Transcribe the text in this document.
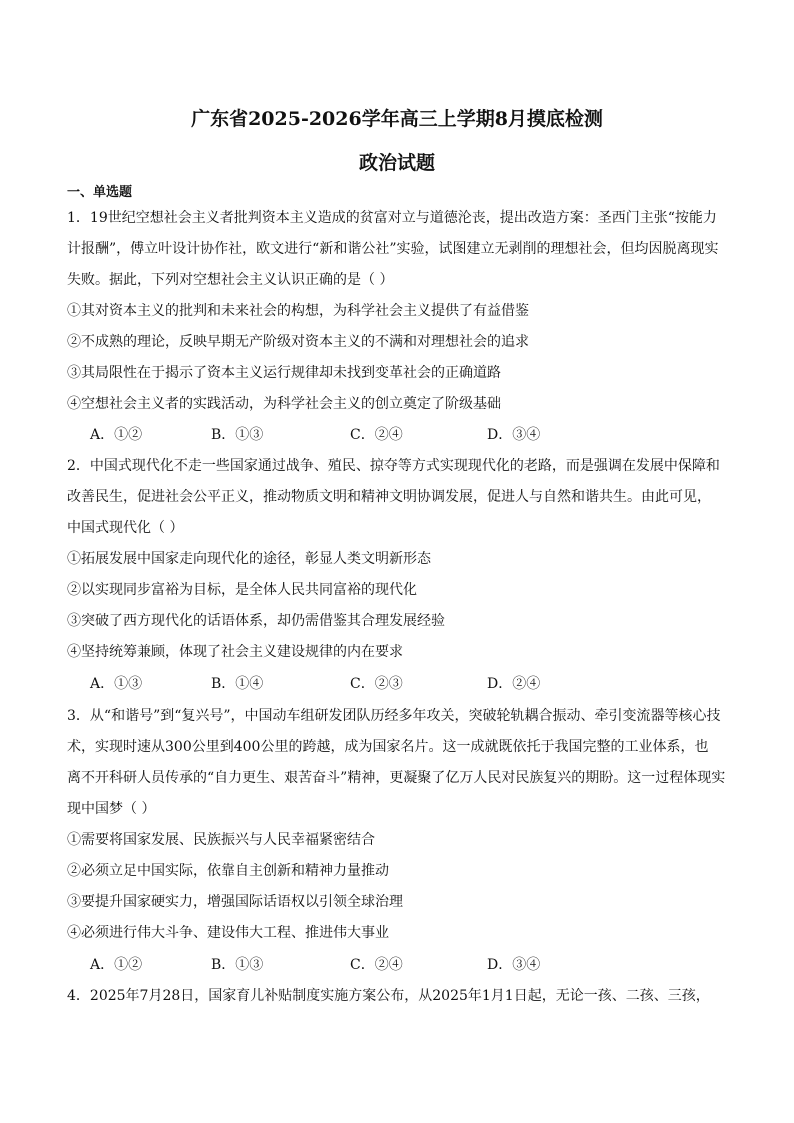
广东省2025-2026学年高三上学期8月摸底检测
政治试题
一、单选题
1．19世纪空想社会主义者批判资本主义造成的贫富对立与道德沦丧，提出改造方案：圣西门主张“按能力
计报酬”，傅立叶设计协作社，欧文进行“新和谐公社”实验，试图建立无剥削的理想社会，但均因脱离现实
失败。据此，下列对空想社会主义认识正确的是（ ）
①其对资本主义的批判和未来社会的构想，为科学社会主义提供了有益借鉴
②不成熟的理论，反映早期无产阶级对资本主义的不满和对理想社会的追求
③其局限性在于揭示了资本主义运行规律却未找到变革社会的正确道路
④空想社会主义者的实践活动，为科学社会主义的创立奠定了阶级基础
A．①②	B．①③	C．②④	D．③④
2．中国式现代化不走一些国家通过战争、殖民、掠夺等方式实现现代化的老路，而是强调在发展中保障和
改善民生，促进社会公平正义，推动物质文明和精神文明协调发展，促进人与自然和谐共生。由此可见，
中国式现代化（ ）
①拓展发展中国家走向现代化的途径，彰显人类文明新形态
②以实现同步富裕为目标，是全体人民共同富裕的现代化
③突破了西方现代化的话语体系，却仍需借鉴其合理发展经验
④坚持统筹兼顾，体现了社会主义建设规律的内在要求
A．①③	B．①④	C．②③	D．②④
3．从“和谐号”到“复兴号”，中国动车组研发团队历经多年攻关，突破轮轨耦合振动、牵引变流器等核心技
术，实现时速从300公里到400公里的跨越，成为国家名片。这一成就既依托于我国完整的工业体系，也
离不开科研人员传承的“自力更生、艰苦奋斗”精神，更凝聚了亿万人民对民族复兴的期盼。这一过程体现实
现中国梦（ ）
①需要将国家发展、民族振兴与人民幸福紧密结合
②必须立足中国实际，依靠自主创新和精神力量推动
③要提升国家硬实力，增强国际话语权以引领全球治理
④必须进行伟大斗争、建设伟大工程、推进伟大事业
A．①②	B．①③	C．②④	D．③④
4．2025年7月28日，国家育儿补贴制度实施方案公布，从2025年1月1日起，无论一孩、二孩、三孩，
